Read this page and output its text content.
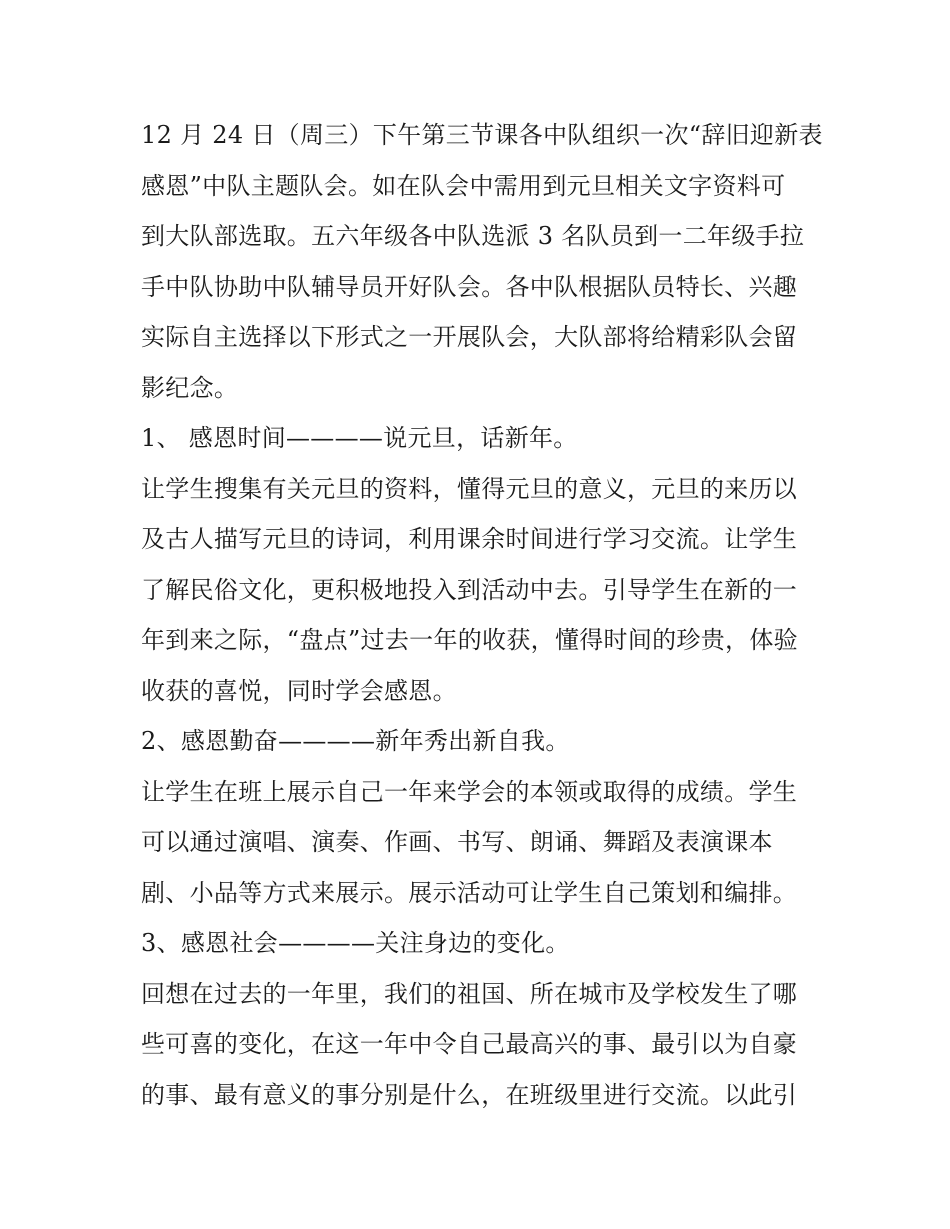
12 月 24 日（周三）下午第三节课各中队组织一次“辞旧迎新表
感恩”中队主题队会。如在队会中需用到元旦相关文字资料可
到大队部选取。五六年级各中队选派 3 名队员到一二年级手拉
手中队协助中队辅导员开好队会。各中队根据队员特长、兴趣
实际自主选择以下形式之一开展队会，大队部将给精彩队会留
影纪念。
1、 感恩时间————说元旦，话新年。
让学生搜集有关元旦的资料，懂得元旦的意义，元旦的来历以
及古人描写元旦的诗词，利用课余时间进行学习交流。让学生
了解民俗文化，更积极地投入到活动中去。引导学生在新的一
年到来之际，“盘点”过去一年的收获，懂得时间的珍贵，体验
收获的喜悦，同时学会感恩。
2、感恩勤奋————新年秀出新自我。
让学生在班上展示自己一年来学会的本领或取得的成绩。学生
可以通过演唱、演奏、作画、书写、朗诵、舞蹈及表演课本
剧、小品等方式来展示。展示活动可让学生自己策划和编排。
3、感恩社会————关注身边的变化。
回想在过去的一年里，我们的祖国、所在城市及学校发生了哪
些可喜的变化，在这一年中令自己最高兴的事、最引以为自豪
的事、最有意义的事分别是什么，在班级里进行交流。以此引
